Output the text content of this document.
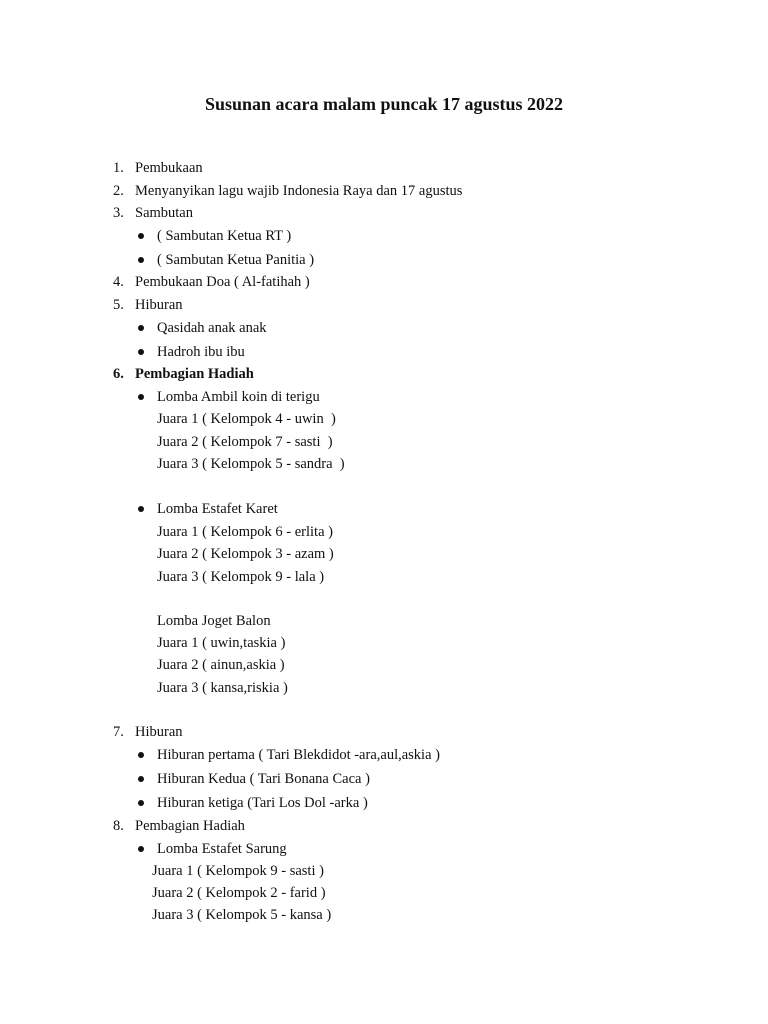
Susunan acara malam puncak 17 agustus 2022
1. Pembukaan
2. Menyanyikan lagu wajib Indonesia Raya dan 17 agustus
3. Sambutan
( Sambutan Ketua RT )
( Sambutan Ketua Panitia )
4. Pembukaan Doa ( Al-fatihah )
5. Hiburan
Qasidah anak anak
Hadroh ibu ibu
6. Pembagian Hadiah
Lomba Ambil koin di terigu
Juara 1 ( Kelompok 4 - uwin  )
Juara 2 ( Kelompok 7 - sasti  )
Juara 3 ( Kelompok 5 - sandra  )
Lomba Estafet Karet
Juara 1 ( Kelompok 6 - erlita )
Juara 2 ( Kelompok 3 - azam )
Juara 3 ( Kelompok 9 - lala )
Lomba Joget Balon
Juara 1 ( uwin,taskia )
Juara 2 ( ainun,askia )
Juara 3 ( kansa,riskia )
7. Hiburan
Hiburan pertama ( Tari Blekdidot -ara,aul,askia )
Hiburan Kedua ( Tari Bonana Caca )
Hiburan ketiga (Tari Los Dol -arka )
8. Pembagian Hadiah
Lomba Estafet Sarung
Juara 1 ( Kelompok 9 - sasti )
Juara 2 ( Kelompok 2 - farid )
Juara 3 ( Kelompok 5 - kansa )
